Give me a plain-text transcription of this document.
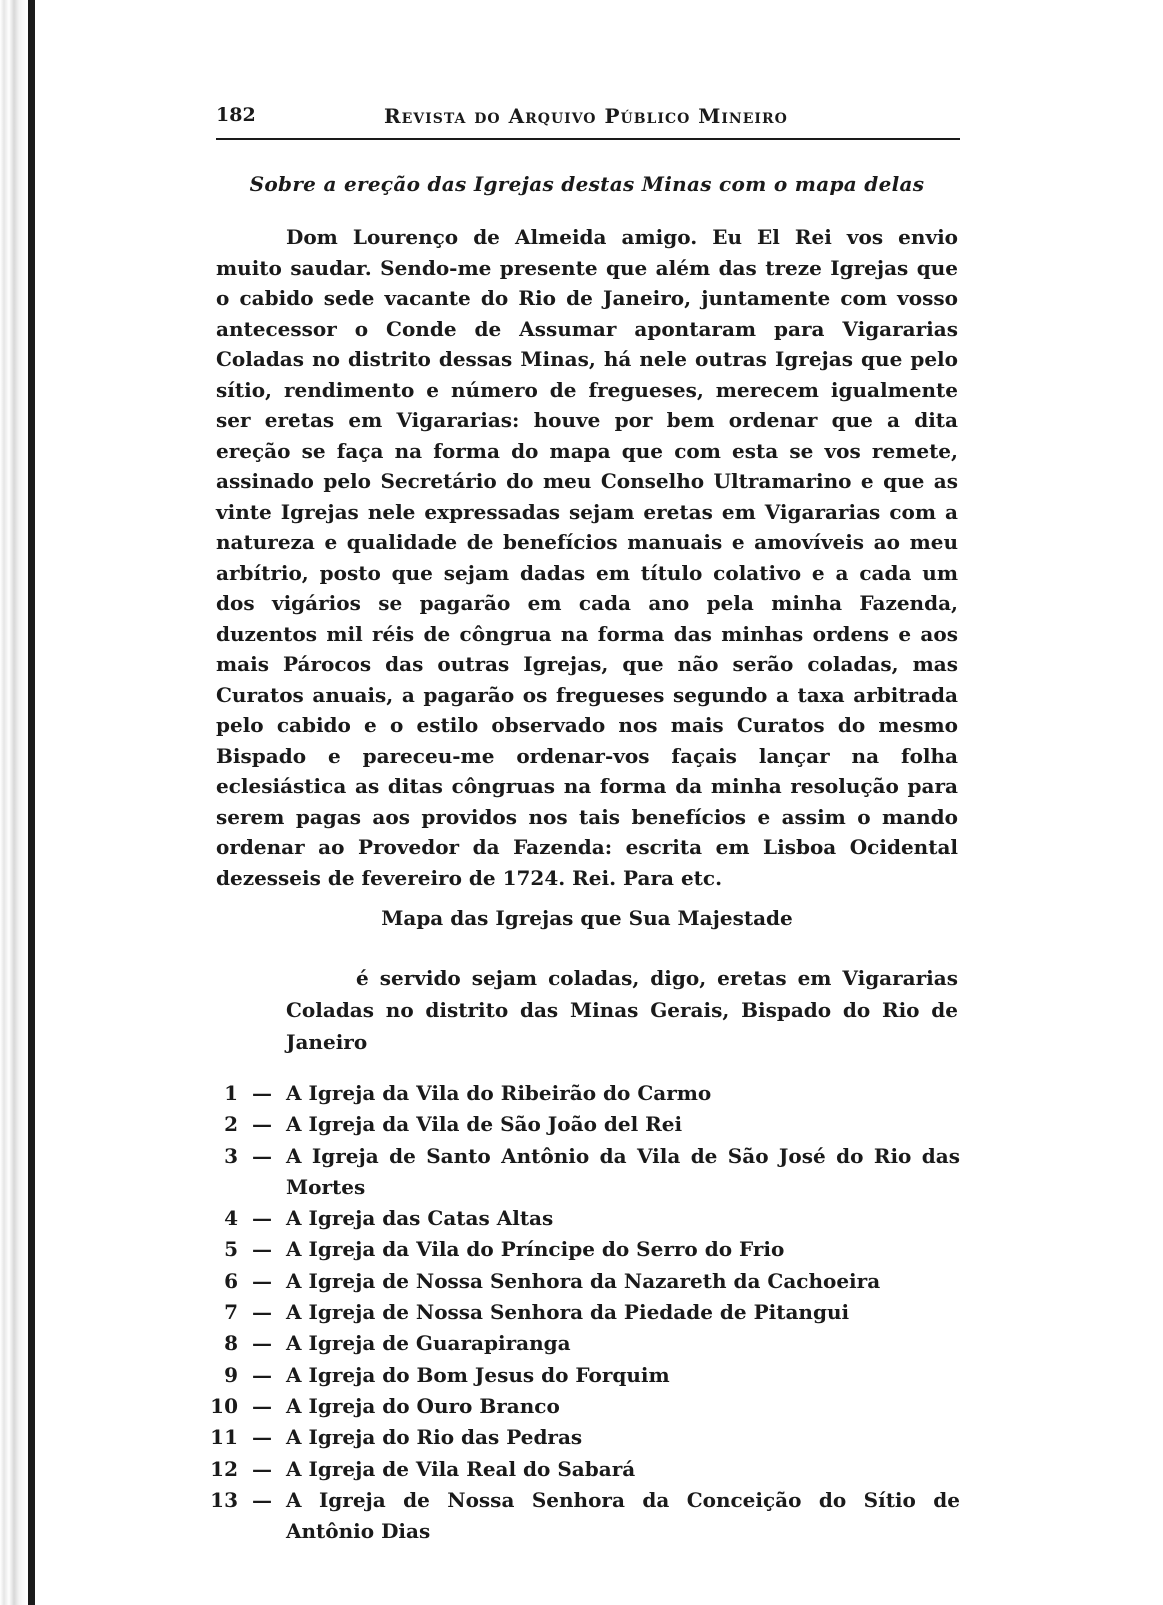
182	Revista do Arquivo Público Mineiro
Sobre a ereção das Igrejas destas Minas com o mapa delas

Dom Lourenço de Almeida amigo. Eu El Rei vos envio muito saudar. Sendo-me presente que além das treze Igrejas que o cabido sede vacante do Rio de Janeiro, juntamente com vosso antecessor o Conde de Assumar apontaram para Vigararias Coladas no distrito dessas Minas, há nele outras Igrejas que pelo sítio, rendimento e número de fregueses, merecem igualmente ser eretas em Vigararias: houve por bem ordenar que a dita ereção se faça na forma do mapa que com esta se vos remete, assinado pelo Secretário do meu Conselho Ultramarino e que as vinte Igrejas nele expressadas sejam eretas em Vigararias com a natureza e qualidade de benefícios manuais e amovíveis ao meu arbítrio, posto que sejam dadas em título colativo e a cada um dos vigários se pagarão em cada ano pela minha Fazenda, duzentos mil réis de côngrua na forma das minhas ordens e aos mais Párocos das outras Igrejas, que não serão coladas, mas Curatos anuais, a pagarão os fregueses segundo a taxa arbitrada pelo cabido e o estilo observado nos mais Curatos do mesmo Bispado e pareceu-me ordenar-vos façais lançar na folha eclesiástica as ditas côngruas na forma da minha resolução para serem pagas aos providos nos tais benefícios e assim o mando ordenar ao Provedor da Fazenda: escrita em Lisboa Ocidental dezesseis de fevereiro de 1724. Rei. Para etc.

Mapa das Igrejas que Sua Majestade

é servido sejam coladas, digo, eretas em Vigararias Coladas no distrito das Minas Gerais, Bispado do Rio de Janeiro

1 — A Igreja da Vila do Ribeirão do Carmo
2 — A Igreja da Vila de São João del Rei
3 — A Igreja de Santo Antônio da Vila de São José do Rio das Mortes
4 — A Igreja das Catas Altas
5 — A Igreja da Vila do Príncipe do Serro do Frio
6 — A Igreja de Nossa Senhora da Nazareth da Cachoeira
7 — A Igreja de Nossa Senhora da Piedade de Pitangui
8 — A Igreja de Guarapiranga
9 — A Igreja do Bom Jesus do Forquim
10 — A Igreja do Ouro Branco
11 — A Igreja do Rio das Pedras
12 — A Igreja de Vila Real do Sabará
13 — A Igreja de Nossa Senhora da Conceição do Sítio de Antônio Dias
